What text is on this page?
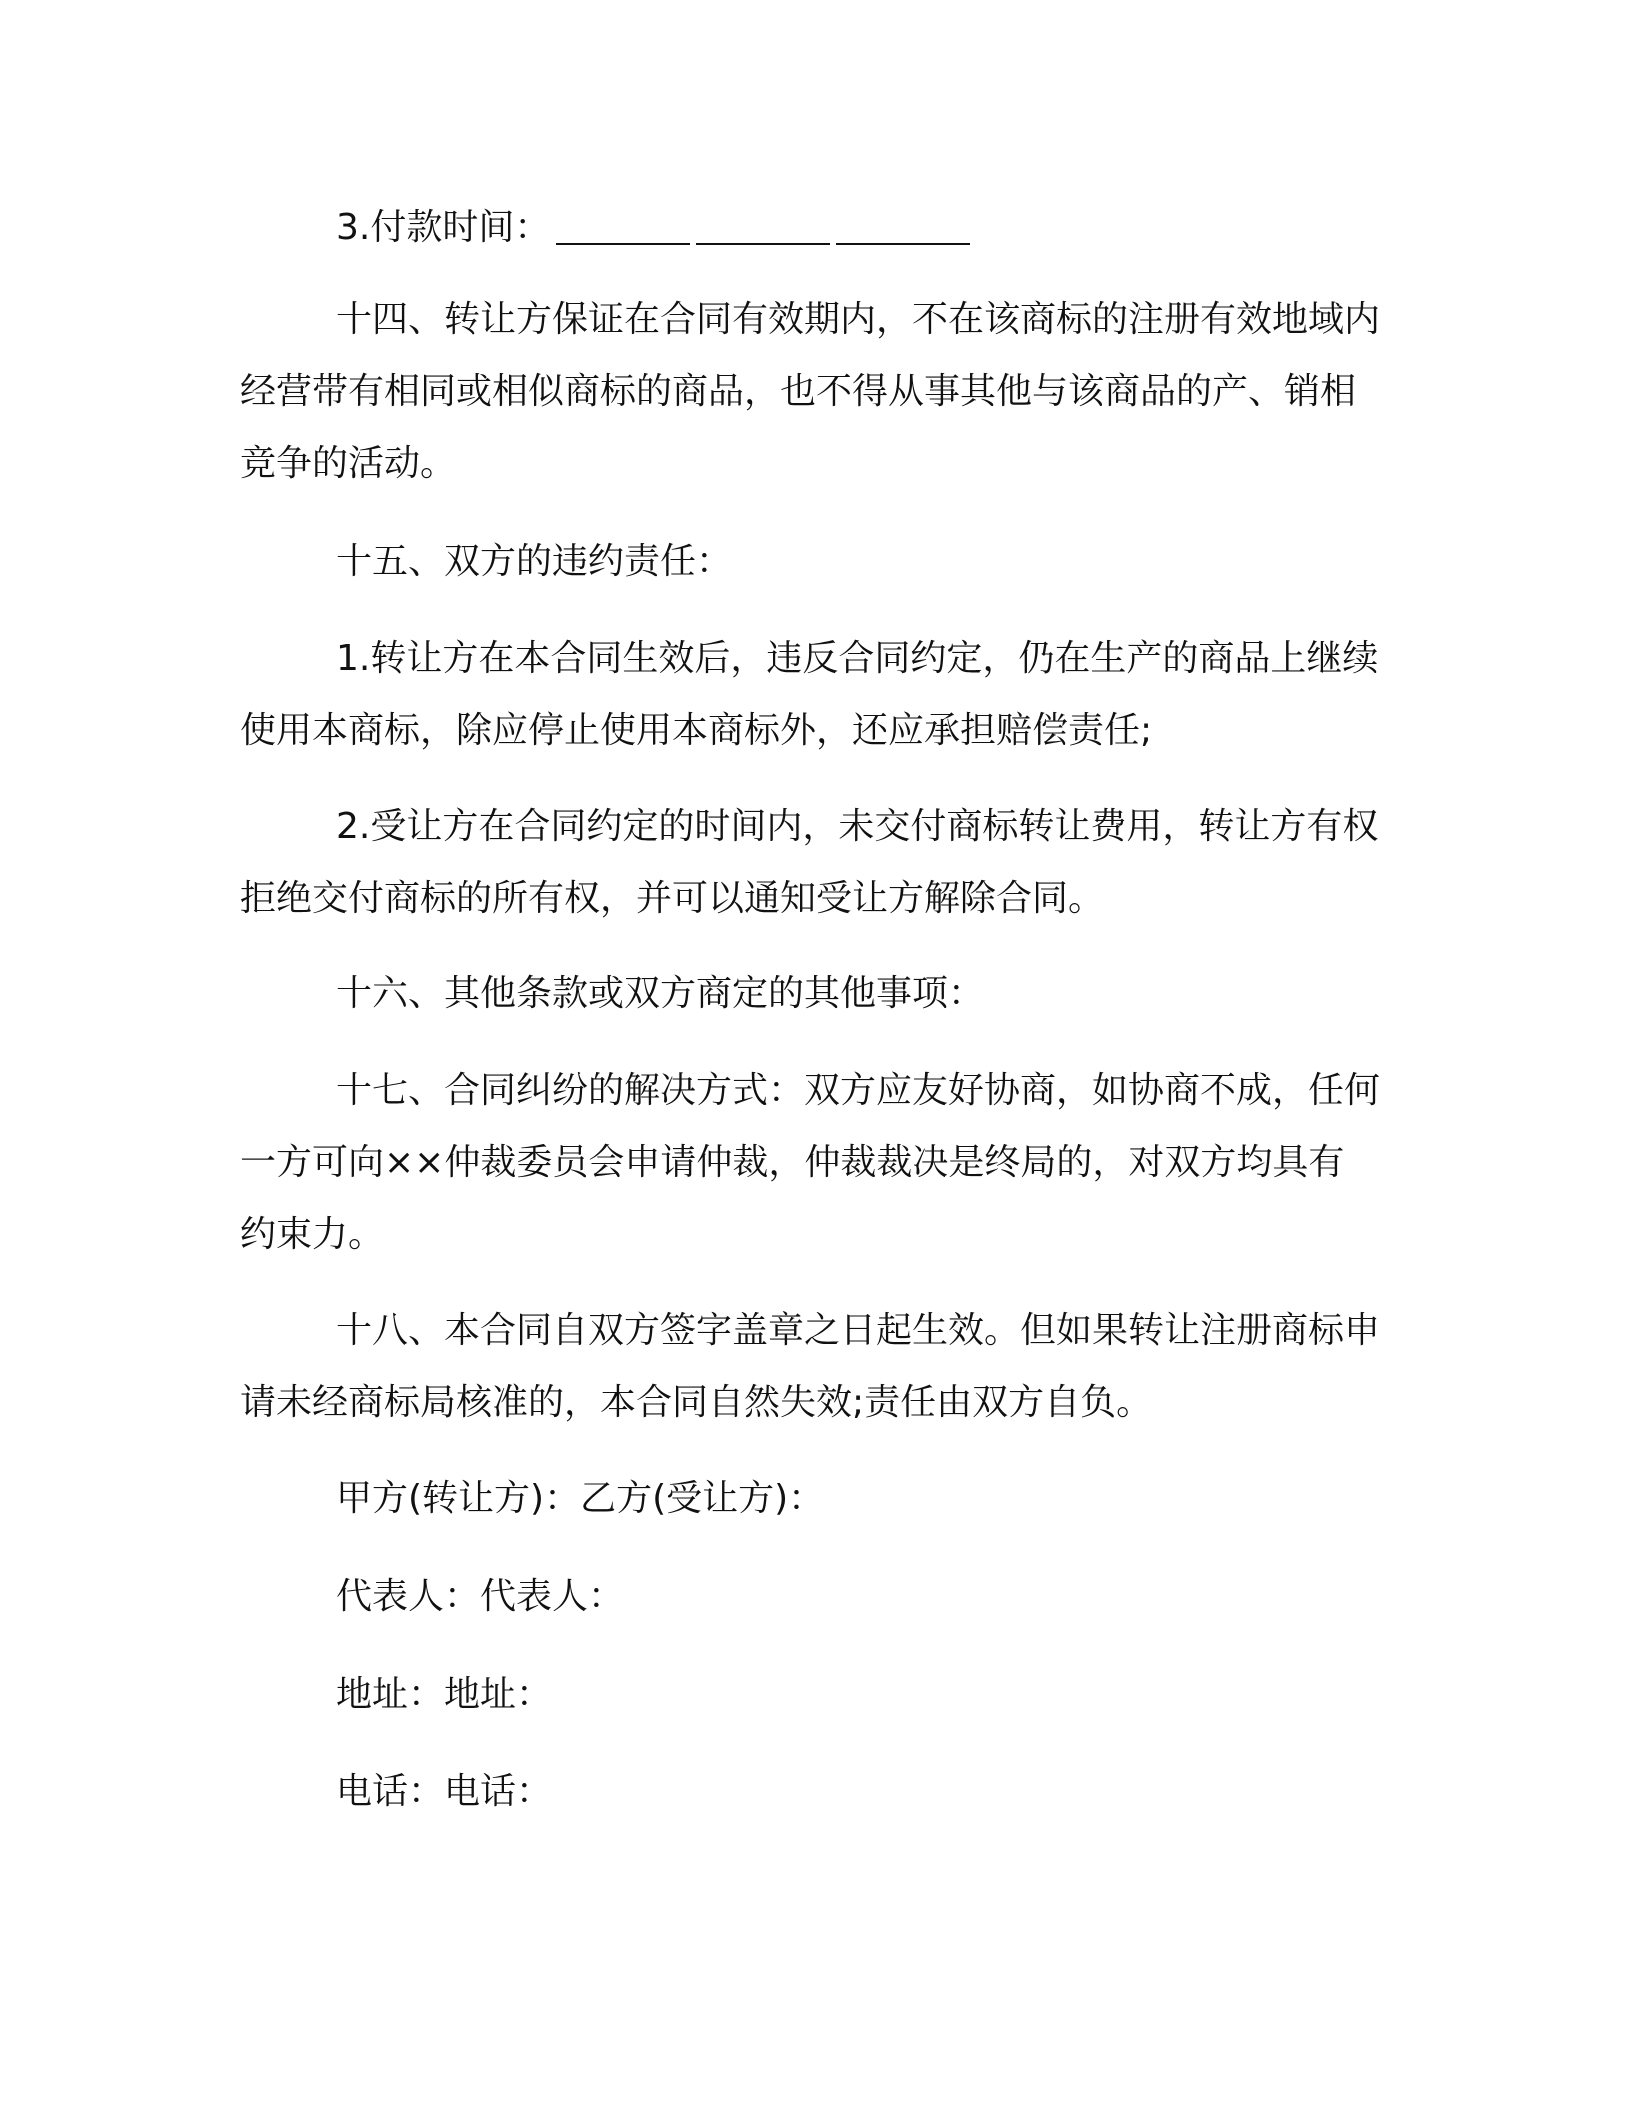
3.付款时间：

十四、转让方保证在合同有效期内，不在该商标的注册有效地域内经营带有相同或相似商标的商品，也不得从事其他与该商品的产、销相竞争的活动。

十五、双方的违约责任：

1.转让方在本合同生效后，违反合同约定，仍在生产的商品上继续使用本商标，除应停止使用本商标外，还应承担赔偿责任;

2.受让方在合同约定的时间内，未交付商标转让费用，转让方有权拒绝交付商标的所有权，并可以通知受让方解除合同。

十六、其他条款或双方商定的其他事项：

十七、合同纠纷的解决方式：双方应友好协商，如协商不成，任何一方可向××仲裁委员会申请仲裁，仲裁裁决是终局的，对双方均具有约束力。

十八、本合同自双方签字盖章之日起生效。但如果转让注册商标申请未经商标局核准的，本合同自然失效;责任由双方自负。

甲方(转让方)：乙方(受让方)：

代表人：代表人：

地址：地址：

电话：电话：
